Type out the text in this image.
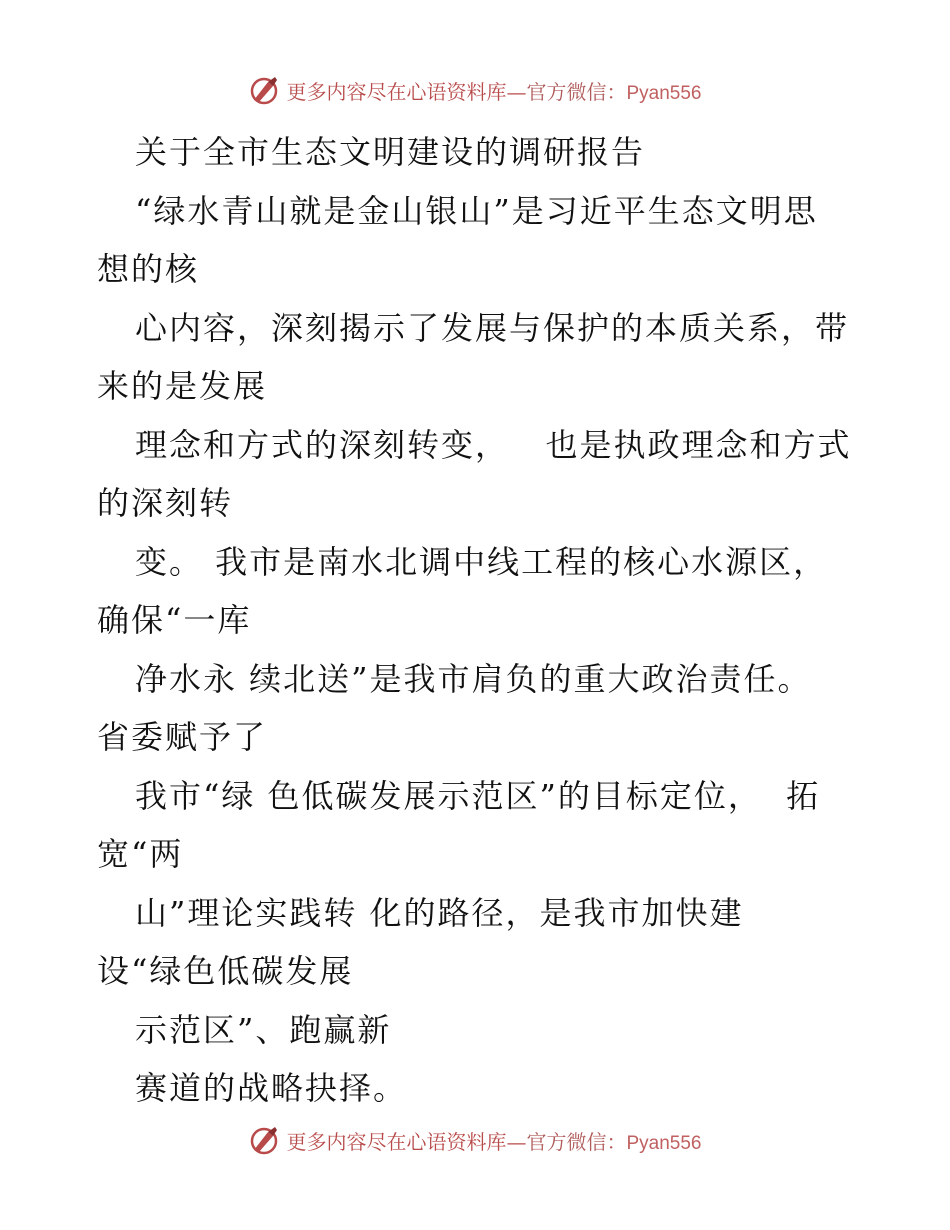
更多内容尽在心语资料库—官方微信：Pyan556
关于全市生态文明建设的调研报告
“绿水青山就是金山银山”是习近平生态文明思
想的核
心内容，深刻揭示了发展与保护的本质关系，带
来的是发展
理念和方式的深刻转变，   也是执政理念和方式
的深刻转
变。 我市是南水北调中线工程的核心水源区，
确保“一库
净水永 续北送”是我市肩负的重大政治责任。
省委赋予了
我市“绿 色低碳发展示范区”的目标定位，  拓
宽“两
山”理论实践转 化的路径，是我市加快建
设“绿色低碳发展
示范区”、跑赢新
赛道的战略抉择。
更多内容尽在心语资料库—官方微信：Pyan556
